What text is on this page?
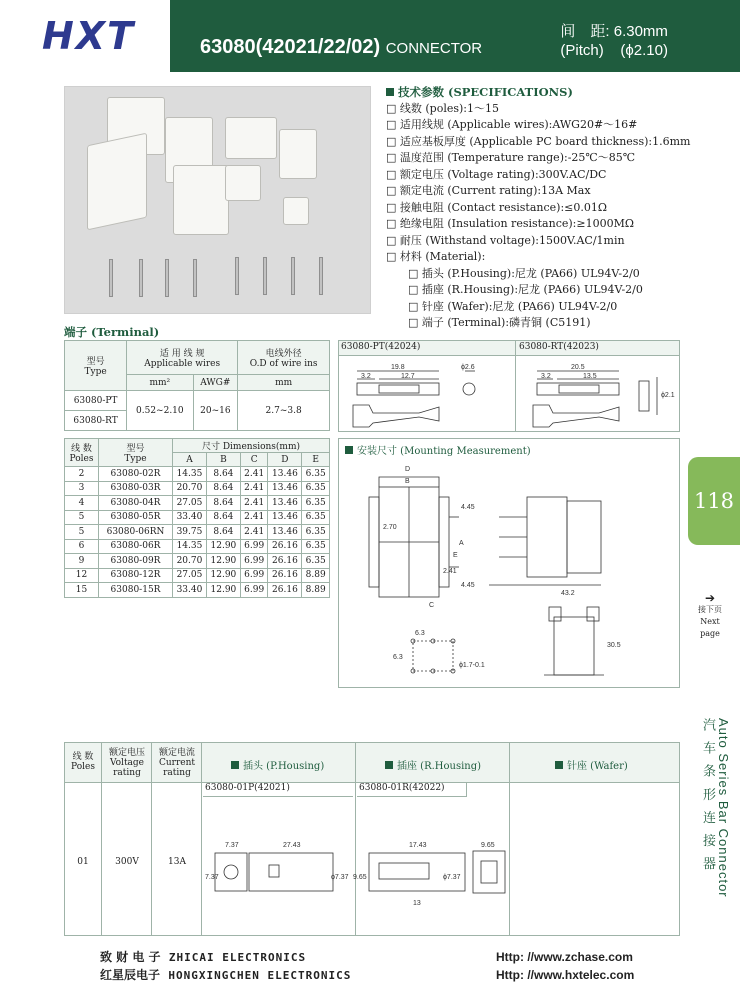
HXT	63080(42021/22/02) CONNECTOR
间　距: 6.30mm
(Pitch) (ϕ2.10)
技术参数 (SPECIFICATIONS)
□ 线数 (poles):1～15
□ 适用线规 (Applicable wires):AWG20#～16#
□ 适应基板厚度 (Applicable PC board thickness):1.6mm
□ 温度范围 (Temperature range):-25℃～85℃
□ 额定电压 (Voltage rating):300V.AC/DC
□ 额定电流 (Current rating):13A Max
□ 接触电阻 (Contact resistance):≤0.01Ω
□ 绝缘电阻 (Insulation resistance):≥1000MΩ
□ 耐压 (Withstand voltage):1500V.AC/1min
□ 材料 (Material):
□ 插头 (P.Housing):尼龙 (PA66) UL94V-2/0
□ 插座 (R.Housing):尼龙 (PA66) UL94V-2/0
□ 针座 (Wafer):尼龙 (PA66) UL94V-2/0
□ 端子 (Terminal):磷青铜 (C5191)
端子 (Terminal)
型号
Type	适 用 线 规
Applicable wires		电线外径
O.D of wire ins
	mm²	AWG#	mm
63080-PT	0.52~2.10	20~16	2.7~3.8
63080-RT			
63080-PT(42024)	63080-RT(42023)
19.8
3.2	12.7
ϕ2.6	20.5
3.2	13.5
ϕ2.1
线 数
Poles	型号
Type	尺寸 Dimensions(mm)				
		A	B	C	D	E
2	63080-02R	14.35	8.64	2.41	13.46	6.35
3	63080-03R	20.70	8.64	2.41	13.46	6.35
4	63080-04R	27.05	8.64	2.41	13.46	6.35
5	63080-05R	33.40	8.64	2.41	13.46	6.35
5	63080-06RN	39.75	8.64	2.41	13.46	6.35
6	63080-06R	14.35	12.90	6.99	26.16	6.35
9	63080-09R	20.70	12.90	6.99	26.16	6.35
12	63080-12R	27.05	12.90	6.99	26.16	8.89
15	63080-15R	33.40	12.90	6.99	26.16	8.89
安装尺寸 (Mounting Measurement)
D
B
4.45
2.70
A
E
C
2.41
4.45
43.2
6.3
6.3
ϕ1.7-0.1
30.5
118
➔
接下页
Next page
汽 车 条 形 连 接 器 Auto Series Bar Connector
线 数
Poles
额定电压
Voltage
rating
额定电流
Current
rating
插头 (P.Housing)	插座 (R.Housing)	针座 (Wafer)
01	300V	13A
63080-01P(42021)	63080-01R(42022)
7.37	27.43
7.37	ϕ7.37
17.43	9.65
9.65	ϕ7.37
13
致 财 电 子 ZHICAI ELECTRONICS
红星辰电子 HONGXINGCHEN ELECTRONICS
Http: //www.zchase.com
Http: //www.hxtelec.com
